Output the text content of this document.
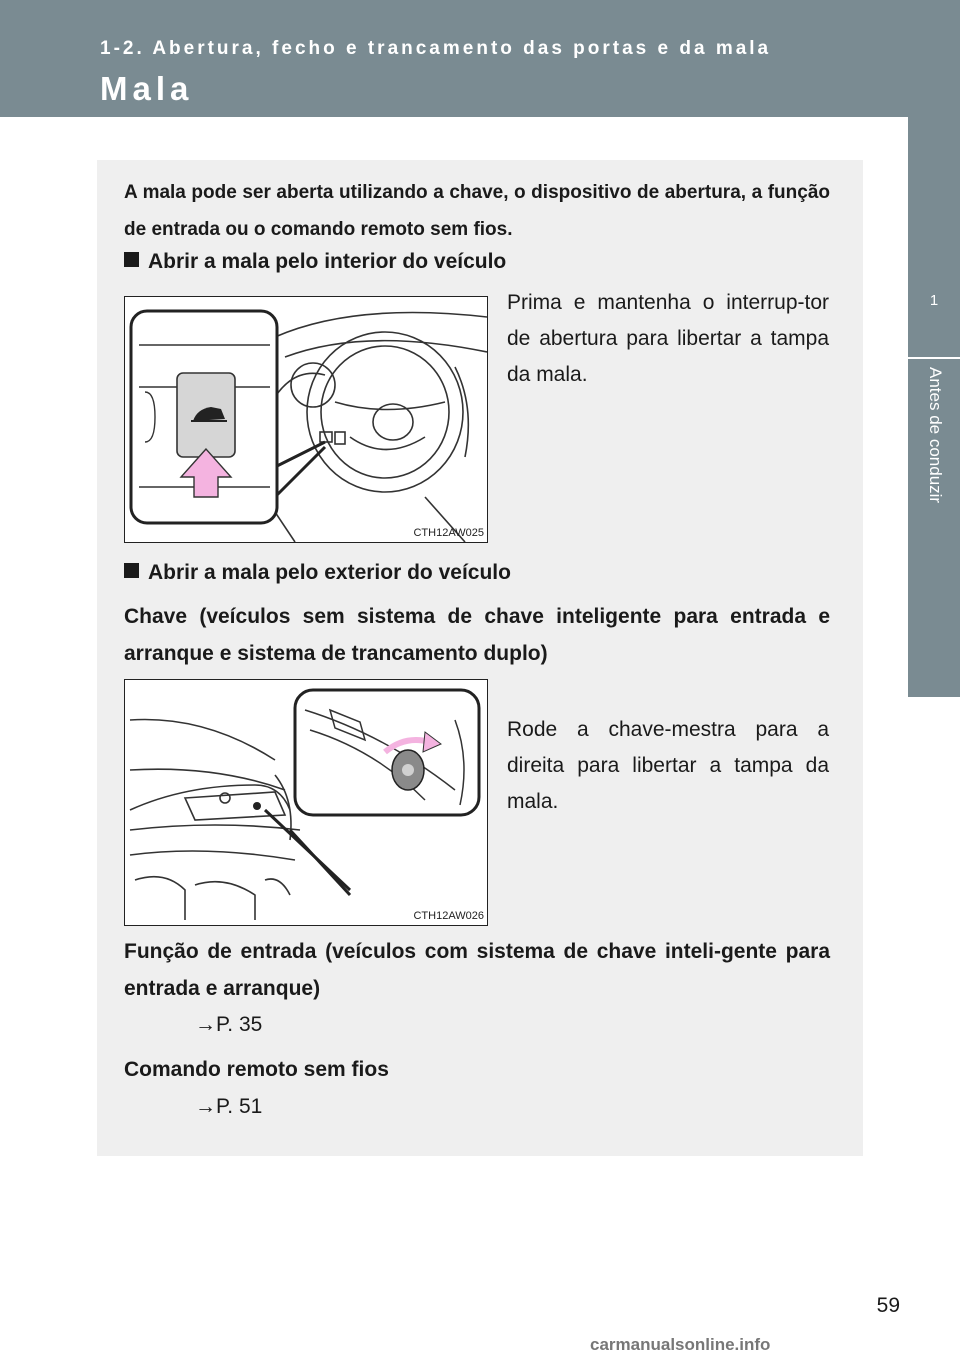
1-2. Abertura, fecho e trancamento das portas e da mala
Mala
1
Antes de conduzir
A mala pode ser aberta utilizando a chave, o dispositivo de abertura, a função de entrada ou o comando remoto sem fios.
Abrir a mala pelo interior do veículo
CTH12AW025
Prima e mantenha o interrup-tor de abertura para libertar a tampa da mala.
Abrir a mala pelo exterior do veículo
Chave (veículos sem sistema de chave inteligente para entrada e arranque e sistema de trancamento duplo)
CTH12AW026
Rode a chave-mestra para a direita para libertar a tampa da mala.
Função de entrada (veículos com sistema de chave inteli-gente para entrada e arranque)
→P. 35
Comando remoto sem fios
→P. 51
59
carmanualsonline.info
